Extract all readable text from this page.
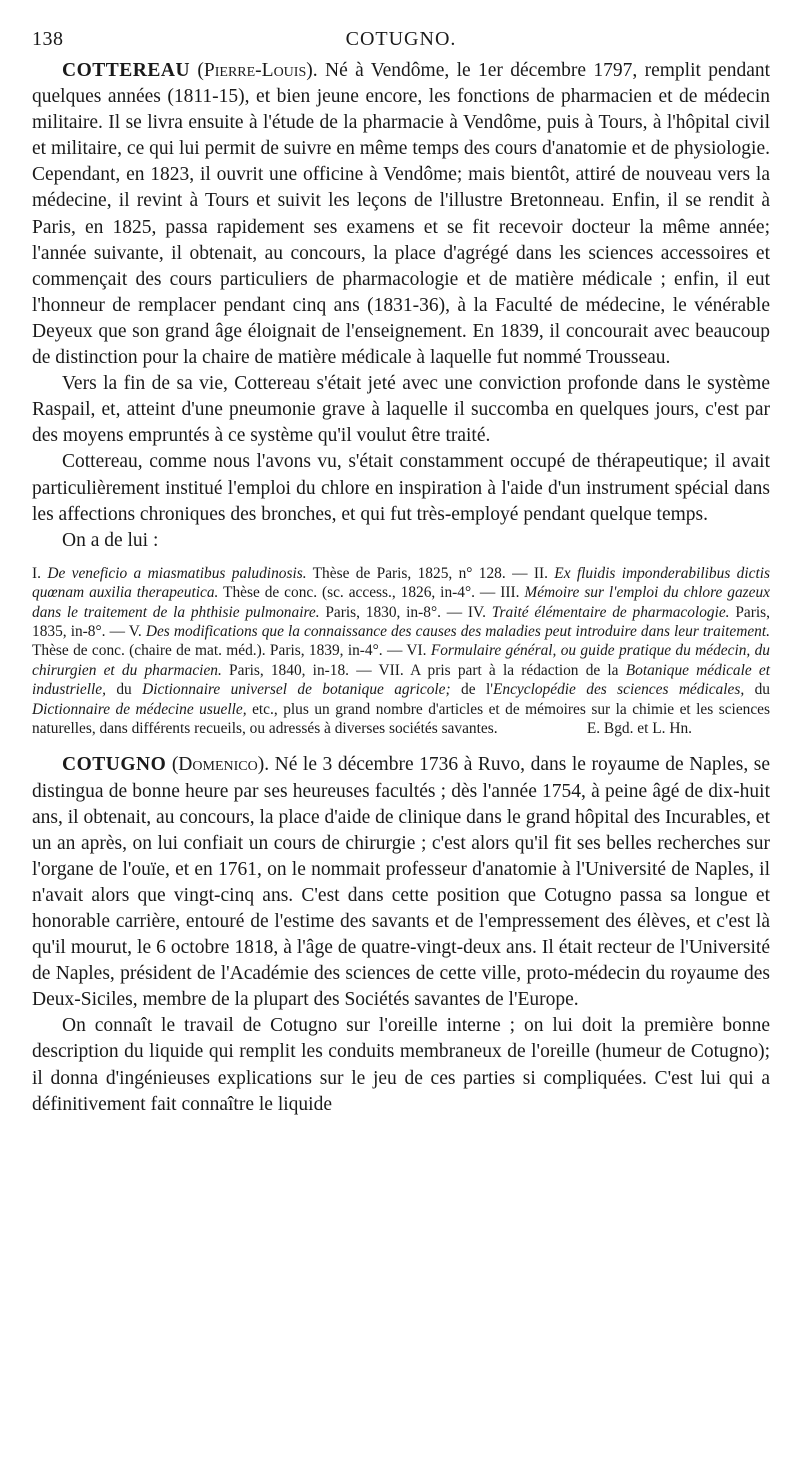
138	COTUGNO.

COTTEREAU (Pierre-Louis). Né à Vendôme, le 1er décembre 1797, remplit pendant quelques années (1811-15), et bien jeune encore, les fonctions de pharmacien et de médecin militaire. Il se livra ensuite à l'étude de la pharmacie à Vendôme, puis à Tours, à l'hôpital civil et militaire, ce qui lui permit de suivre en même temps des cours d'anatomie et de physiologie. Cependant, en 1823, il ouvrit une officine à Vendôme; mais bientôt, attiré de nouveau vers la médecine, il revint à Tours et suivit les leçons de l'illustre Bretonneau. Enfin, il se rendit à Paris, en 1825, passa rapidement ses examens et se fit recevoir docteur la même année; l'année suivante, il obtenait, au concours, la place d'agrégé dans les sciences accessoires et commençait des cours particuliers de pharmacologie et de matière médicale ; enfin, il eut l'honneur de remplacer pendant cinq ans (1831-36), à la Faculté de médecine, le vénérable Deyeux que son grand âge éloignait de l'enseignement. En 1839, il concourait avec beaucoup de distinction pour la chaire de matière médicale à laquelle fut nommé Trousseau.

Vers la fin de sa vie, Cottereau s'était jeté avec une conviction profonde dans le système Raspail, et, atteint d'une pneumonie grave à laquelle il succomba en quelques jours, c'est par des moyens empruntés à ce système qu'il voulut être traité.

Cottereau, comme nous l'avons vu, s'était constamment occupé de thérapeutique; il avait particulièrement institué l'emploi du chlore en inspiration à l'aide d'un instrument spécial dans les affections chroniques des bronches, et qui fut très-employé pendant quelque temps.

On a de lui :

I. De veneficio a miasmatibus paludinosis. Thèse de Paris, 1825, n° 128. — II. Ex fluidis imponderabilibus dictis quœnam auxilia therapeutica. Thèse de conc. (sc. access., 1826, in-4°. — III. Mémoire sur l'emploi du chlore gazeux dans le traitement de la phthisie pulmonaire. Paris, 1830, in-8°. — IV. Traité élémentaire de pharmacologie. Paris, 1835, in-8°. — V. Des modifications que la connaissance des causes des maladies peut introduire dans leur traitement. Thèse de conc. (chaire de mat. méd.). Paris, 1839, in-4°. — VI. Formulaire général, ou guide pratique du médecin, du chirurgien et du pharmacien. Paris, 1840, in-18. — VII. A pris part à la rédaction de la Botanique médicale et industrielle, du Dictionnaire universel de botanique agricole; de l'Encyclopédie des sciences médicales, du Dictionnaire de médecine usuelle, etc., plus un grand nombre d'articles et de mémoires sur la chimie et les sciences naturelles, dans différents recueils, ou adressés à diverses sociétés savantes.	E. Bgd. et L. Hn.

COTUGNO (Domenico). Né le 3 décembre 1736 à Ruvo, dans le royaume de Naples, se distingua de bonne heure par ses heureuses facultés ; dès l'année 1754, à peine âgé de dix-huit ans, il obtenait, au concours, la place d'aide de clinique dans le grand hôpital des Incurables, et un an après, on lui confiait un cours de chirurgie ; c'est alors qu'il fit ses belles recherches sur l'organe de l'ouïe, et en 1761, on le nommait professeur d'anatomie à l'Université de Naples, il n'avait alors que vingt-cinq ans. C'est dans cette position que Cotugno passa sa longue et honorable carrière, entouré de l'estime des savants et de l'empressement des élèves, et c'est là qu'il mourut, le 6 octobre 1818, à l'âge de quatre-vingt-deux ans. Il était recteur de l'Université de Naples, président de l'Académie des sciences de cette ville, proto-médecin du royaume des Deux-Siciles, membre de la plupart des Sociétés savantes de l'Europe.

On connaît le travail de Cotugno sur l'oreille interne ; on lui doit la première bonne description du liquide qui remplit les conduits membraneux de l'oreille (humeur de Cotugno); il donna d'ingénieuses explications sur le jeu de ces parties si compliquées. C'est lui qui a définitivement fait connaître le liquide
